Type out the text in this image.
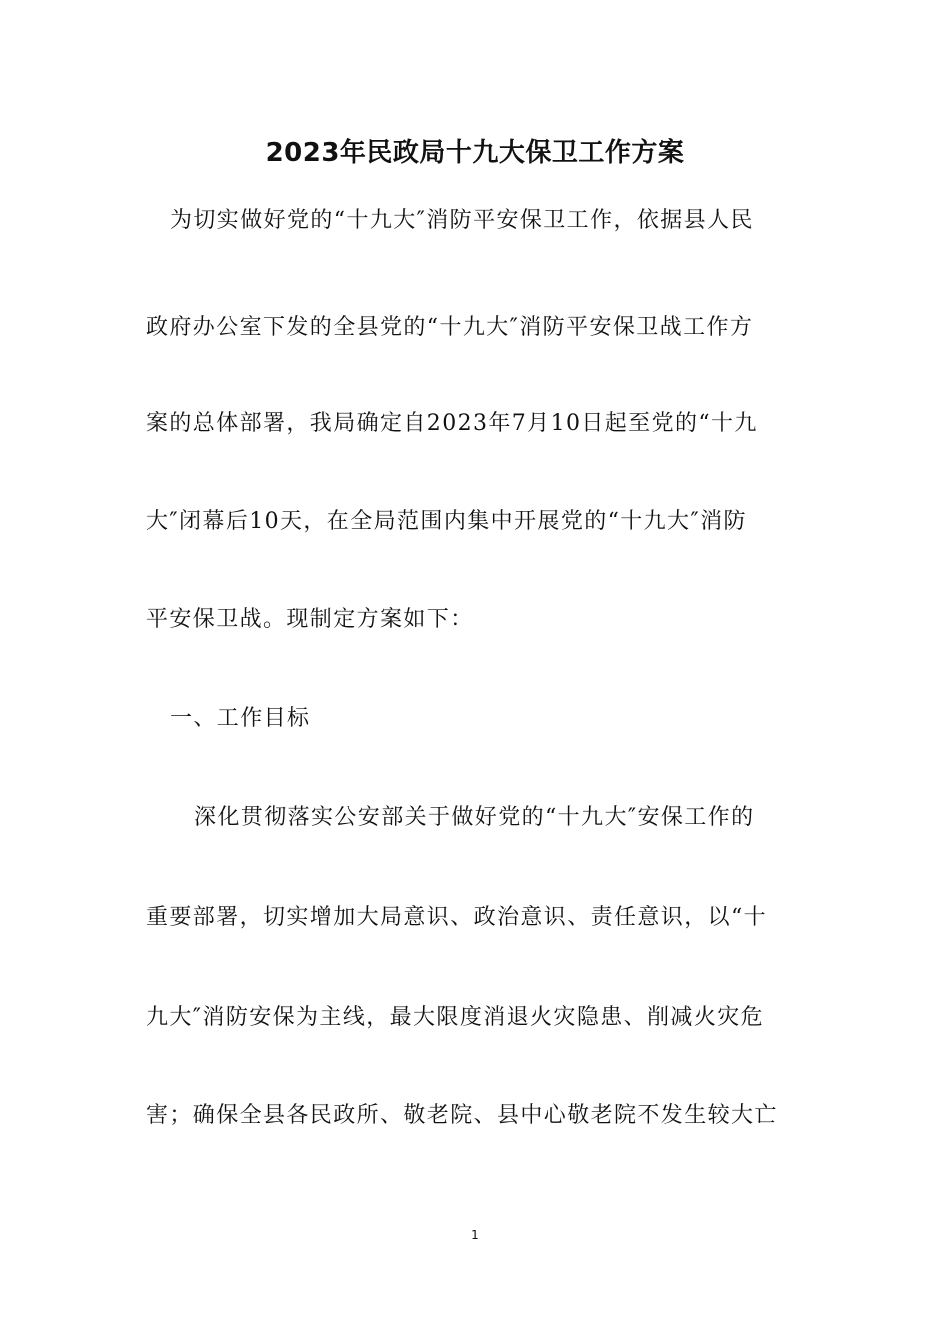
2023年民政局十九大保卫工作方案
为切实做好党的“十九大″消防平安保卫工作，依据县人民
政府办公室下发的全县党的“十九大″消防平安保卫战工作方
案的总体部署，我局确定自2023年7月10日起至党的“十九
大″闭幕后10天，在全局范围内集中开展党的“十九大″消防
平安保卫战。现制定方案如下：
一、工作目标
深化贯彻落实公安部关于做好党的“十九大″安保工作的
重要部署，切实增加大局意识、政治意识、责任意识，以“十
九大″消防安保为主线，最大限度消退火灾隐患、削减火灾危
害；确保全县各民政所、敬老院、县中心敬老院不发生较大亡
1
